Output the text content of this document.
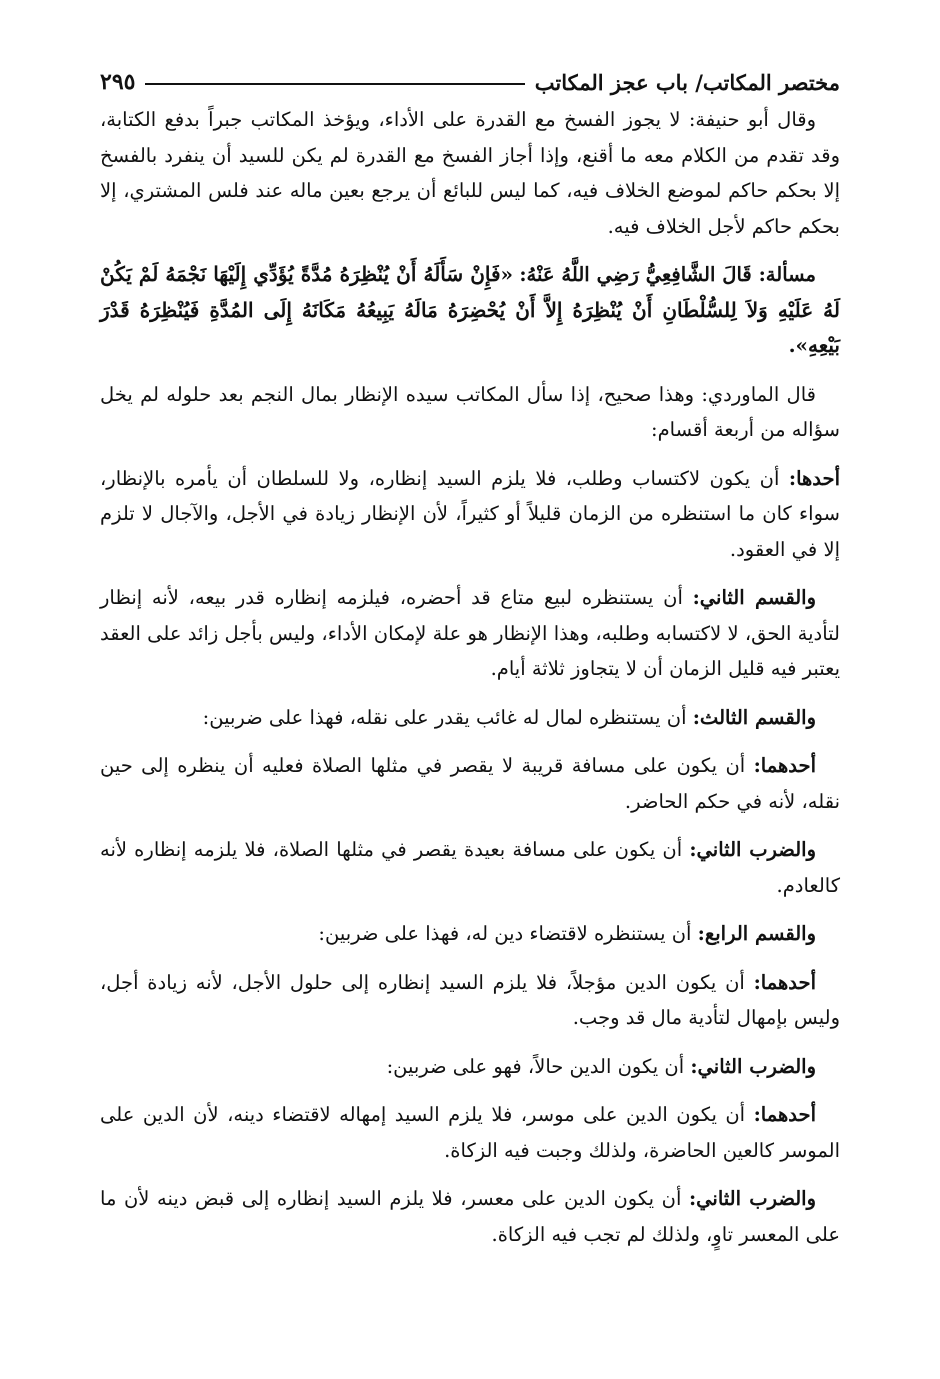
مختصر المكاتب/ باب عجز المكاتب
٢٩٥

وقال أبو حنيفة: لا يجوز الفسخ مع القدرة على الأداء، ويؤخذ المكاتب جبراً بدفع الكتابة، وقد تقدم من الكلام معه ما أقنع، وإذا أجاز الفسخ مع القدرة لم يكن للسيد أن ينفرد بالفسخ إلا بحكم حاكم لموضع الخلاف فيه، كما ليس للبائع أن يرجع بعين ماله عند فلس المشتري، إلا بحكم حاكم لأجل الخلاف فيه.

مسألة: قَالَ الشَّافِعِيُّ رَضِي اللَّهُ عَنْهُ: «فَإِنْ سَأَلَهُ أَنْ يُنْظِرَهُ مُدَّةً يُؤَدِّي إِلَيْهَا نَجْمَهُ لَمْ يَكُنْ لَهُ عَلَيْهِ وَلاَ لِلسُّلْطَانِ أَنْ يُنْظِرَهُ إِلاَّ أَنْ يُحْضِرَهُ مَالَهُ يَبِيعُهُ مَكَانَهُ إِلَى المُدَّةِ فَيُنْظِرَهُ قَدْرَ بَيْعِهِ».

قال الماوردي: وهذا صحيح، إذا سأل المكاتب سيده الإنظار بمال النجم بعد حلوله لم يخل سؤاله من أربعة أقسام:

أحدها: أن يكون لاكتساب وطلب، فلا يلزم السيد إنظاره، ولا للسلطان أن يأمره بالإنظار، سواء كان ما استنظره من الزمان قليلاً أو كثيراً، لأن الإنظار زيادة في الأجل، والآجال لا تلزم إلا في العقود.

والقسم الثاني: أن يستنظره لبيع متاع قد أحضره، فيلزمه إنظاره قدر بيعه، لأنه إنظار لتأدية الحق، لا لاكتسابه وطلبه، وهذا الإنظار هو علة لإمكان الأداء، وليس بأجل زائد على العقد يعتبر فيه قليل الزمان أن لا يتجاوز ثلاثة أيام.

والقسم الثالث: أن يستنظره لمال له غائب يقدر على نقله، فهذا على ضربين:

أحدهما: أن يكون على مسافة قريبة لا يقصر في مثلها الصلاة فعليه أن ينظره إلى حين نقله، لأنه في حكم الحاضر.

والضرب الثاني: أن يكون على مسافة بعيدة يقصر في مثلها الصلاة، فلا يلزمه إنظاره لأنه كالعادم.

والقسم الرابع: أن يستنظره لاقتضاء دين له، فهذا على ضربين:

أحدهما: أن يكون الدين مؤجلاً، فلا يلزم السيد إنظاره إلى حلول الأجل، لأنه زيادة أجل، وليس بإمهال لتأدية مال قد وجب.

والضرب الثاني: أن يكون الدين حالاً، فهو على ضربين:

أحدهما: أن يكون الدين على موسر، فلا يلزم السيد إمهاله لاقتضاء دينه، لأن الدين على الموسر كالعين الحاضرة، ولذلك وجبت فيه الزكاة.

والضرب الثاني: أن يكون الدين على معسر، فلا يلزم السيد إنظاره إلى قبض دينه لأن ما على المعسر تاوٍ، ولذلك لم تجب فيه الزكاة.
